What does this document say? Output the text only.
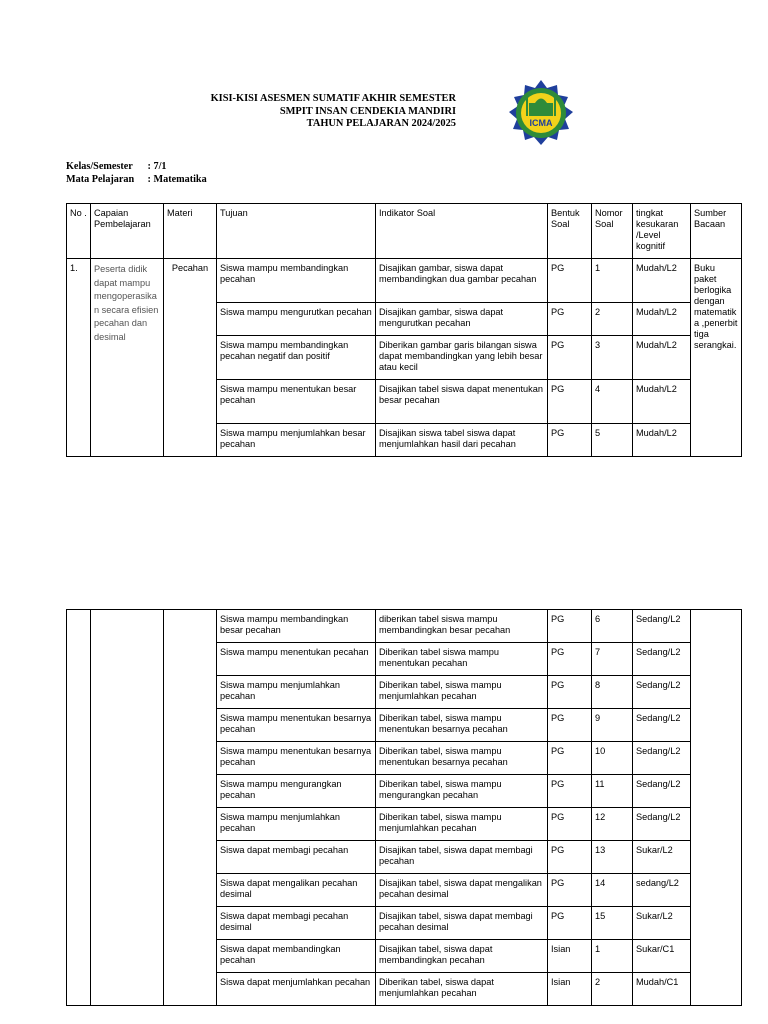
KISI-KISI ASESMEN SUMATIF AKHIR SEMESTER
SMPIT INSAN CENDEKIA MANDIRI
TAHUN PELAJARAN 2024/2025	ICMA
Kelas/Semester : 7/1
Mata Pelajaran : Matematika
No .	Capaian Pembelajaran	Materi	Tujuan	Indikator Soal	Bentuk Soal	Nomor Soal	tingkat kesukaran /Level kognitif	Sumber Bacaan
1.	Peserta didik dapat mampu mengoperasikan secara efisien pecahan dan desimal	Pecahan	Siswa mampu membandingkan pecahan	Disajikan gambar, siswa dapat membandingkan dua gambar pecahan	PG	1	Mudah/L2	Buku paket berlogika dengan matematika ,penerbit tiga serangkai.
			Siswa mampu mengurutkan pecahan	Disajikan gambar, siswa dapat mengurutkan pecahan	PG	2	Mudah/L2	
			Siswa mampu membandingkan pecahan negatif dan positif	Diberikan gambar garis bilangan siswa dapat membandingkan yang lebih besar atau kecil	PG	3	Mudah/L2	
			Siswa mampu menentukan besar pecahan	Disajikan tabel siswa dapat menentukan besar pecahan	PG	4	Mudah/L2	
			Siswa mampu menjumlahkan besar pecahan	Disajikan siswa tabel siswa dapat menjumlahkan hasil dari pecahan	PG	5	Mudah/L2	
			Siswa mampu membandingkan besar pecahan	diberikan tabel siswa mampu membandingkan besar pecahan	PG	6	Sedang/L2	
			Siswa mampu menentukan pecahan	Diberikan tabel siswa mampu menentukan pecahan	PG	7	Sedang/L2	
			Siswa mampu menjumlahkan pecahan	Diberikan tabel, siswa mampu menjumlahkan pecahan	PG	8	Sedang/L2	
			Siswa mampu menentukan besarnya pecahan	Diberikan tabel, siswa mampu menentukan besarnya pecahan	PG	9	Sedang/L2	
			Siswa mampu menentukan besarnya pecahan	Diberikan tabel, siswa mampu menentukan besarnya pecahan	PG	10	Sedang/L2	
			Siswa mampu mengurangkan pecahan	Diberikan tabel, siswa mampu mengurangkan pecahan	PG	11	Sedang/L2	
			Siswa mampu menjumlahkan pecahan	Diberikan tabel, siswa mampu menjumlahkan pecahan	PG	12	Sedang/L2	
			Siswa dapat membagi pecahan	Disajikan tabel, siswa dapat membagi pecahan	PG	13	Sukar/L2	
			Siswa dapat mengalikan pecahan desimal	Disajikan tabel, siswa dapat mengalikan pecahan desimal	PG	14	sedang/L2	
			Siswa dapat membagi pecahan desimal	Disajikan tabel, siswa dapat membagi pecahan desimal	PG	15	Sukar/L2	
			Siswa dapat membandingkan pecahan	Disajikan tabel, siswa dapat membandingkan pecahan	Isian	1	Sukar/C1	
			Siswa dapat menjumlahkan pecahan	Diberikan tabel, siswa dapat menjumlahkan pecahan	Isian	2	Mudah/C1	
